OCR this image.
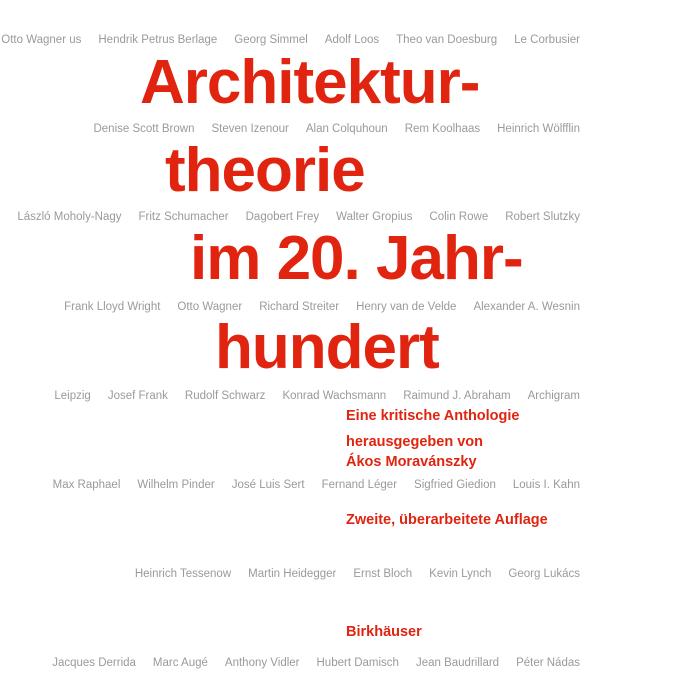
Otto Wagner us Hendrik Petrus Berlage Georg Simmel Adolf Loos Theo van Doesburg Le Corbusier
Denise Scott Brown Steven Izenour Alan Colquhoun Rem Koolhaas Heinrich Wölfflin
László Moholy-Nagy Fritz Schumacher Dagobert Frey Walter Gropius Colin Rowe Robert Slutzky
Frank Lloyd Wright Otto Wagner Richard Streiter Henry van de Velde Alexander A. Wesnin
Leipzig Josef Frank Rudolf Schwarz Konrad Wachsmann Raimund J. Abraham Archigram
Max Raphael Wilhelm Pinder José Luis Sert Fernand Léger Sigfried Giedion Louis I. Kahn
Heinrich Tessenow Martin Heidegger Ernst Bloch Kevin Lynch Georg Lukács
Jacques Derrida Marc Augé Anthony Vidler Hubert Damisch Jean Baudrillard Péter Nádas
Architektur-
theorie
im 20. Jahr-
hundert
Eine kritische Anthologie
herausgegeben von
Ákos Moravánszky
Zweite, überarbeitete Auflage
Birkhäuser
